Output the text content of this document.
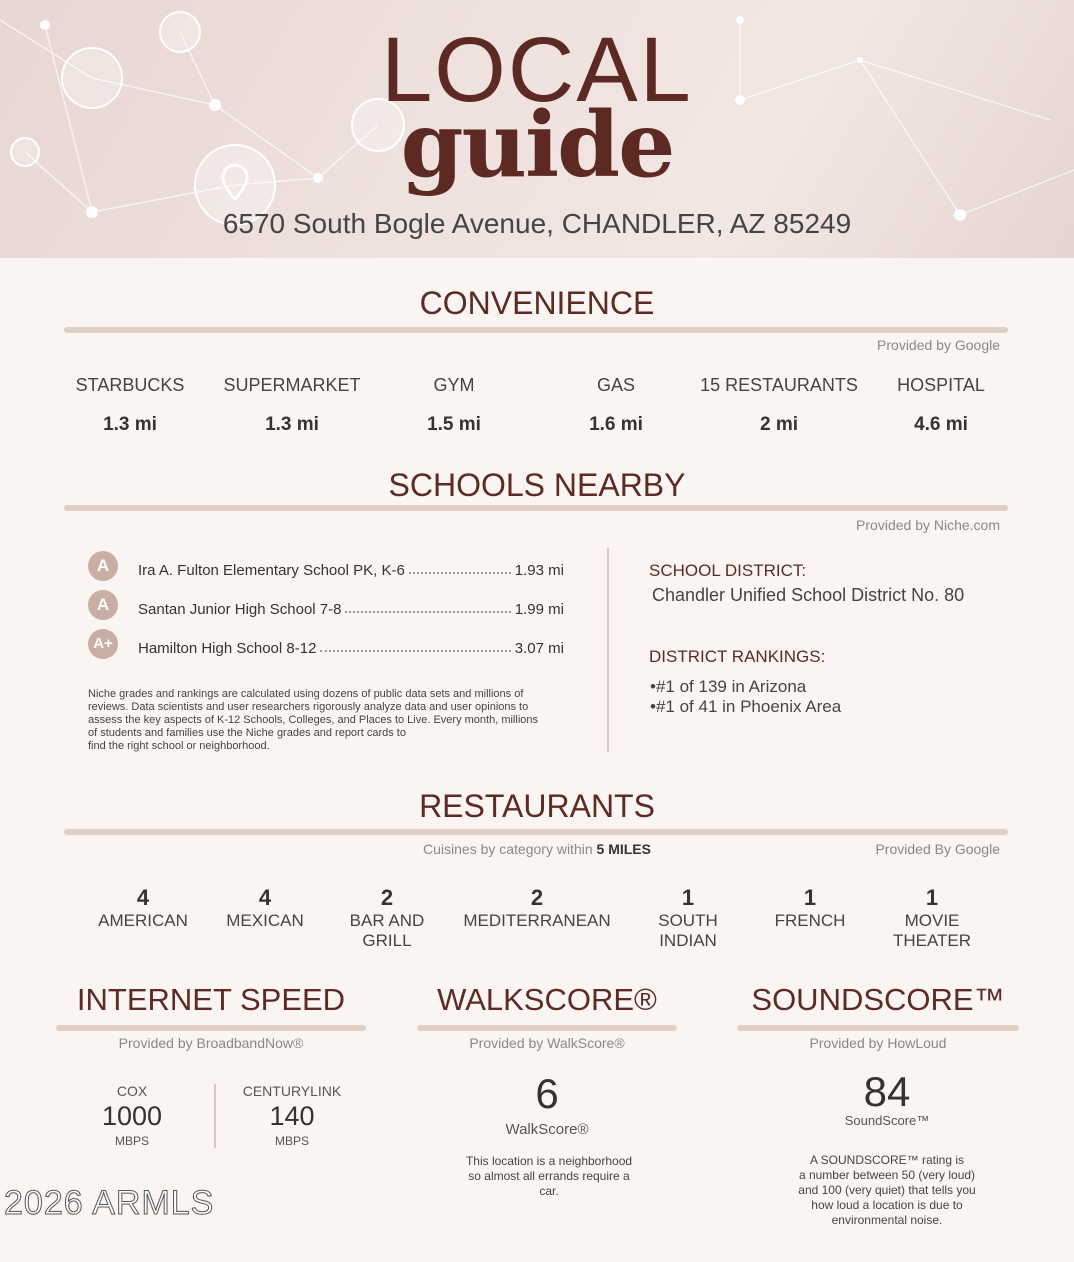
LOCAL
guide
6570 South Bogle Avenue, CHANDLER, AZ 85249
CONVENIENCE
Provided by Google
STARBUCKS
1.3 mi
SUPERMARKET
1.3 mi
GYM
1.5 mi
GAS
1.6 mi
15 RESTAURANTS
2 mi
HOSPITAL
4.6 mi
SCHOOLS NEARBY
Provided by Niche.com
A	Ira A. Fulton Elementary School PK, K-6	1.93 mi
A	Santan Junior High School 7-8	1.99 mi
A+	Hamilton High School 8-12	3.07 mi
Niche grades and rankings are calculated using dozens of public data sets and millions of
reviews. Data scientists and user researchers rigorously analyze data and user opinions to
assess the key aspects of K-12 Schools, Colleges, and Places to Live. Every month, millions
of students and families use the Niche grades and report cards to
find the right school or neighborhood.
SCHOOL DISTRICT:
Chandler Unified School District No. 80
DISTRICT RANKINGS:
•#1 of 139 in Arizona
•#1 of 41 in Phoenix Area
RESTAURANTS
Cuisines by category within 5 MILES	Provided By Google
4
AMERICAN
4
MEXICAN
2
BAR AND
GRILL
2
MEDITERRANEAN
1
SOUTH
INDIAN
1
FRENCH
1
MOVIE
THEATER
INTERNET SPEED
Provided by BroadbandNow®
COX
1000
MBPS
CENTURYLINK
140
MBPS
WALKSCORE®
Provided by WalkScore®
6
WalkScore®
This location is a neighborhood
so almost all errands require a
car.
SOUNDSCORE™
Provided by HowLoud
84
SoundScore™
A SOUNDSCORE™ rating is
a number between 50 (very loud)
and 100 (very quiet) that tells you
how loud a location is due to
environmental noise.
2026 ARMLS
